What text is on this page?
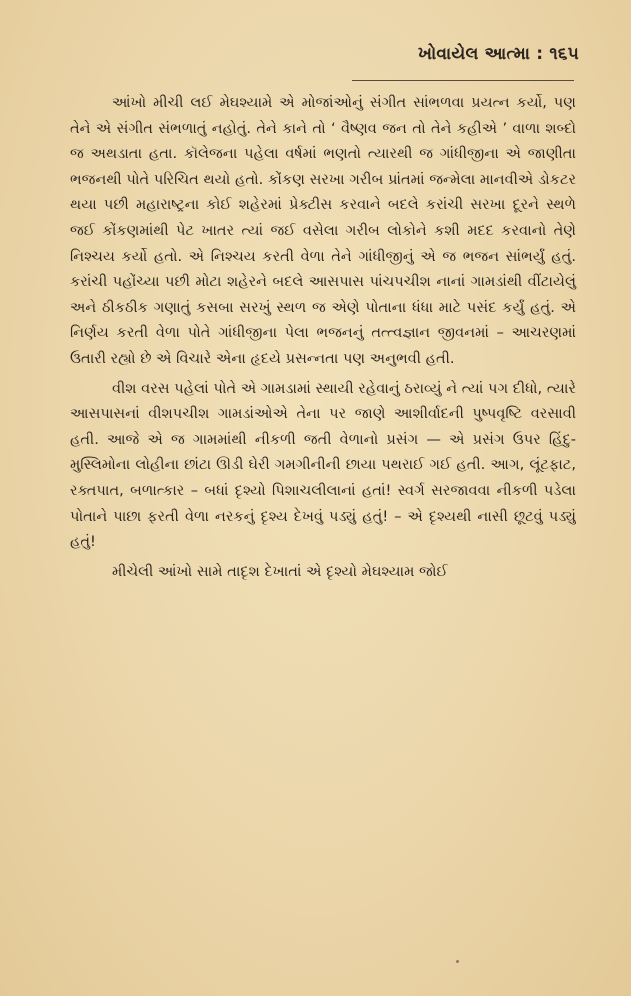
ખોવાયેલ આત્મા : ૧૬૫

આંખો મીચી લઈ મેઘશ્યામે એ મોજાંઓનું સંગીત સાંભળવા પ્રયત્ન કર્યો, પણ તેને એ સંગીત સંભળાતું નહોતું. તેને કાને તો ‘ વૈષ્ણવ જન તો તેને કહીએ ’ વાળા શબ્દો જ અથડાતા હતા. કૉલેજના પહેલા વર્ષમાં ભણતો ત્યારથી જ ગાંધીજીના એ જાણીતા ભજનથી પોતે પરિચિત થયો હતો. કોંકણ સરખા ગરીબ પ્રાંતમાં જન્મેલા માનવીએ ડોકટર થયા પછી મહારાષ્ટ્રના કોઈ શહેરમાં પ્રેક્ટીસ કરવાને બદલે કરાંચી સરખા દૂરને સ્થળે જઈ કોંકણમાંથી પેટ ખાતર ત્યાં જઈ વસેલા ગરીબ લોકોને કશી મદદ કરવાનો તેણે નિશ્ચય કર્યો હતો. એ નિશ્ચય કરતી વેળા તેને ગાંધીજીનું એ જ ભજન સાંભર્યું હતું. કરાંચી પહોંચ્યા પછી મોટા શહેરને બદલે આસપાસ પાંચપચીશ નાનાં ગામડાંથી વીંટાયેલું અને ઠીકઠીક ગણાતું કસબા સરખું સ્થળ જ એણે પોતાના ધંધા માટે પસંદ કર્યું હતું. એ નિર્ણય કરતી વેળા પોતે ગાંધીજીના પેલા ભજનનું તત્ત્વજ્ઞાન જીવનમાં – આચરણમાં ઉતારી રહ્યો છે એ વિચારે એના હૃદયે પ્રસન્નતા પણ અનુભવી હતી.

વીશ વરસ પહેલાં પોતે એ ગામડામાં સ્થાયી રહેવાનું ઠરાવ્યું ને ત્યાં પગ દીધો, ત્યારે આસપાસનાં વીશપચીશ ગામડાંઓએ તેના પર જાણે આશીર્વાદની પુષ્પવૃષ્ટિ વરસાવી હતી. આજે એ જ ગામમાંથી નીકળી જતી વેળાનો પ્રસંગ — એ પ્રસંગ ઉપર હિંદુ-મુસ્લિમોના લોહીના છાંટા ઊડી ઘેરી ગમગીનીની છાયા પથરાઈ ગઈ હતી. આગ, લૂંટફાટ, રક્તપાત, બળાત્કાર – બધાં દૃશ્યો પિશાચલીલાનાં હતાં! સ્વર્ગ સરજાવવા નીકળી પડેલા પોતાને પાછા ફરતી વેળા નરકનું દૃશ્ય દેખવું પડ્યું હતું! – એ દૃશ્યથી નાસી છૂટવું પડ્યું હતું!

મીચેલી આંખો સામે તાદૃશ દેખાતાં એ દૃશ્યો મેઘશ્યામ જોઈ
